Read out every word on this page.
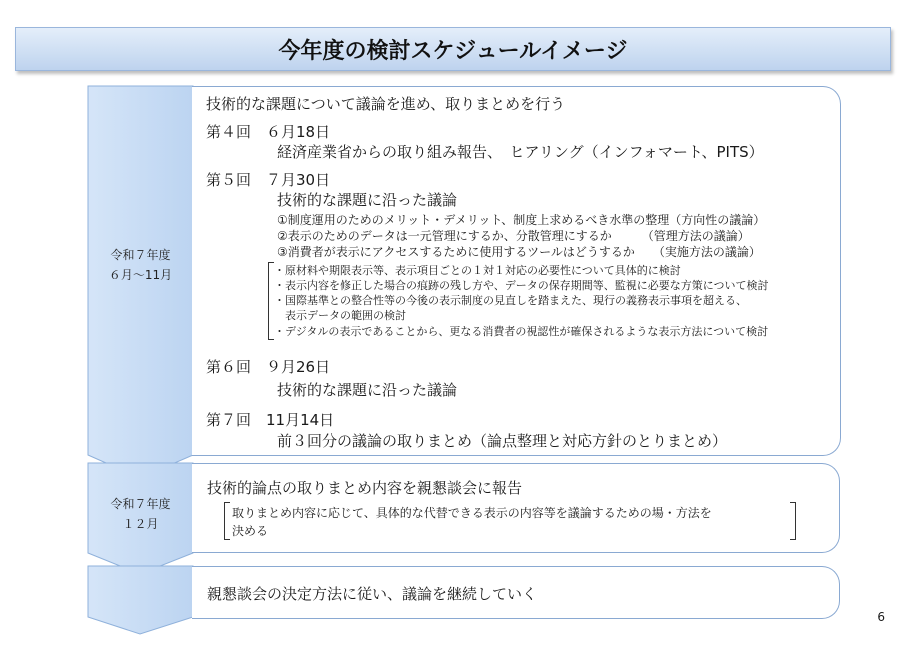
今年度の検討スケジュールイメージ
令和７年度
６月～11月
令和７年度
１２月
技術的な課題について議論を進め、取りまとめを行う
第４回　６月18日
経済産業省からの取り組み報告、　ヒアリング（インフォマート、PITS）
第５回　７月30日
技術的な課題に沿った議論
①制度運用のためのメリット・デメリット、制度上求めるべき水準の整理（方向性の議論）
②表示のためのデータは一元管理にするか、分散管理にするか　　　（管理方法の議論）
③消費者が表示にアクセスするために使用するツールはどうするか　　（実施方法の議論）
・原材料や期限表示等、表示項目ごとの１対１対応の必要性について具体的に検討
・表示内容を修正した場合の痕跡の残し方や、データの保存期間等、監視に必要な方策について検討
・国際基準との整合性等の今後の表示制度の見直しを踏まえた、現行の義務表示事項を超える、
　表示データの範囲の検討
・デジタルの表示であることから、更なる消費者の視認性が確保されるような表示方法について検討
第６回　９月26日
技術的な課題に沿った議論
第７回　11月14日
前３回分の議論の取りまとめ（論点整理と対応方針のとりまとめ）
技術的論点の取りまとめ内容を親懇談会に報告
取りまとめ内容に応じて、具体的な代替できる表示の内容等を議論するための場・方法を
決める
親懇談会の決定方法に従い、議論を継続していく
6
